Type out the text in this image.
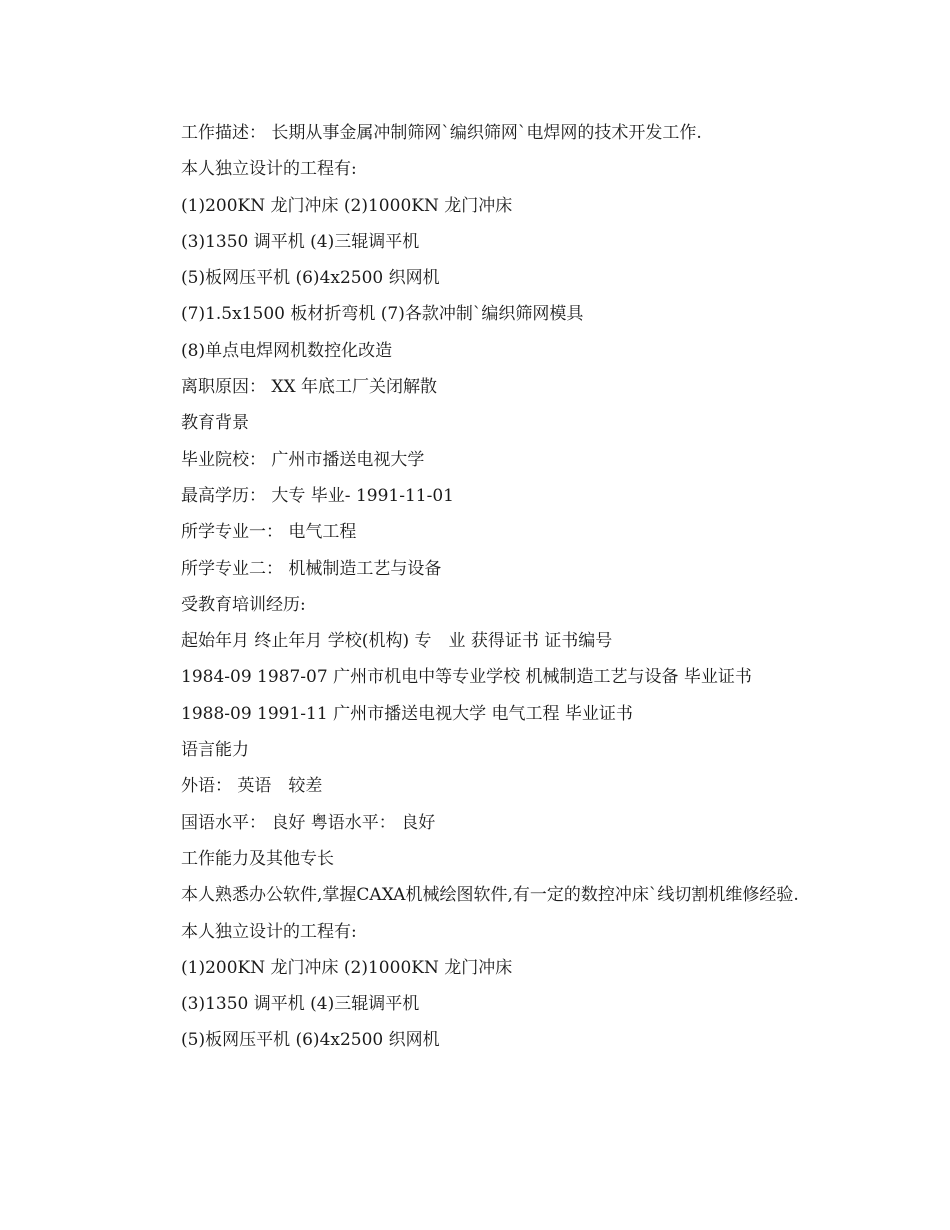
工作描述： 长期从事金属冲制筛网`编织筛网`电焊网的技术开发工作.

本人独立设计的工程有:

(1)200KN 龙门冲床 (2)1000KN 龙门冲床

(3)1350 调平机 (4)三辊调平机

(5)板网压平机 (6)4x2500 织网机

(7)1.5x1500 板材折弯机 (7)各款冲制`编织筛网模具

(8)单点电焊网机数控化改造

离职原因： XX 年底工厂关闭解散

教育背景

毕业院校： 广州市播送电视大学

最高学历： 大专 毕业- 1991-11-01

所学专业一： 电气工程

所学专业二： 机械制造工艺与设备

受教育培训经历:

起始年月 终止年月 学校(机构) 专　业 获得证书 证书编号

1984-09 1987-07 广州市机电中等专业学校 机械制造工艺与设备 毕业证书

1988-09 1991-11 广州市播送电视大学 电气工程 毕业证书

语言能力

外语： 英语　较差

国语水平： 良好 粤语水平： 良好

工作能力及其他专长

本人熟悉办公软件,掌握CAXA机械绘图软件,有一定的数控冲床`线切割机维修经验.

本人独立设计的工程有:

(1)200KN 龙门冲床 (2)1000KN 龙门冲床

(3)1350 调平机 (4)三辊调平机

(5)板网压平机 (6)4x2500 织网机
